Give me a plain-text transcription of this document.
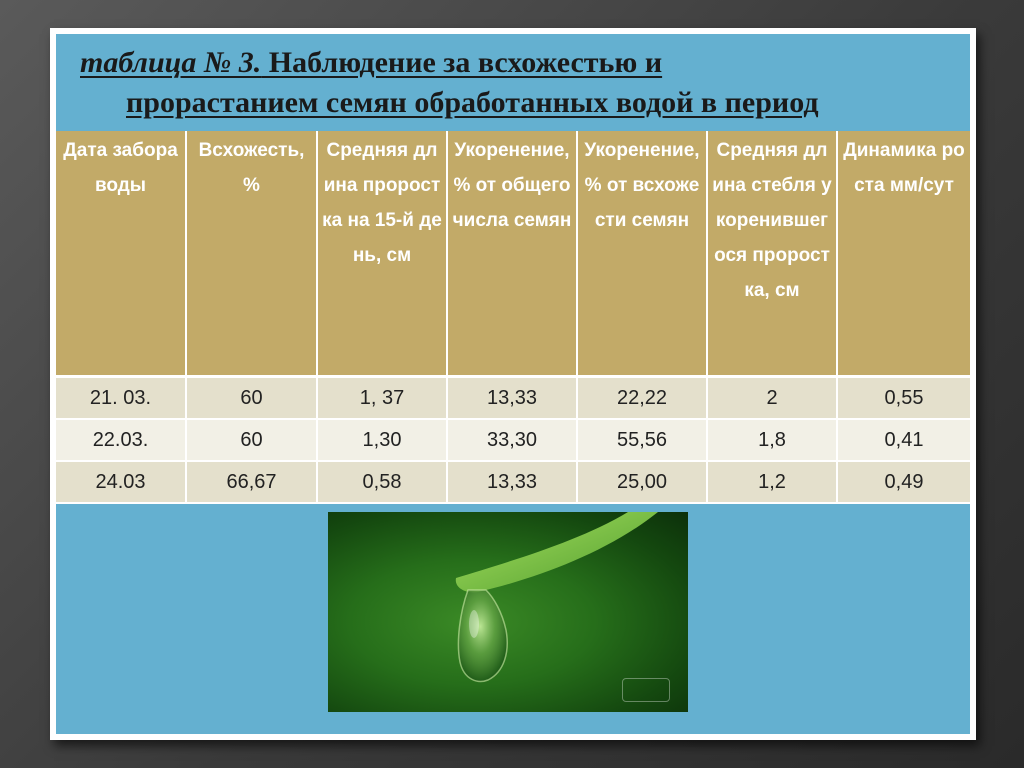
таблица № 3. Наблюдение за всхожестью и
прорастанием семян обработанных водой в период
Дата забора воды	Всхожесть, %	Средняя длина проростка на 15-й день, см	Укоренение, % от общего числа семян	Укоренение, % от всхожести семян	Средняя длина стебля укоренившегося проростка, см	Динамика роста мм/сут
21. 03.	60	1, 37	13,33	22,22	2	0,55
22.03.	60	1,30	33,30	55,56	1,8	0,41
24.03	66,67	0,58	13,33	25,00	1,2	0,49
